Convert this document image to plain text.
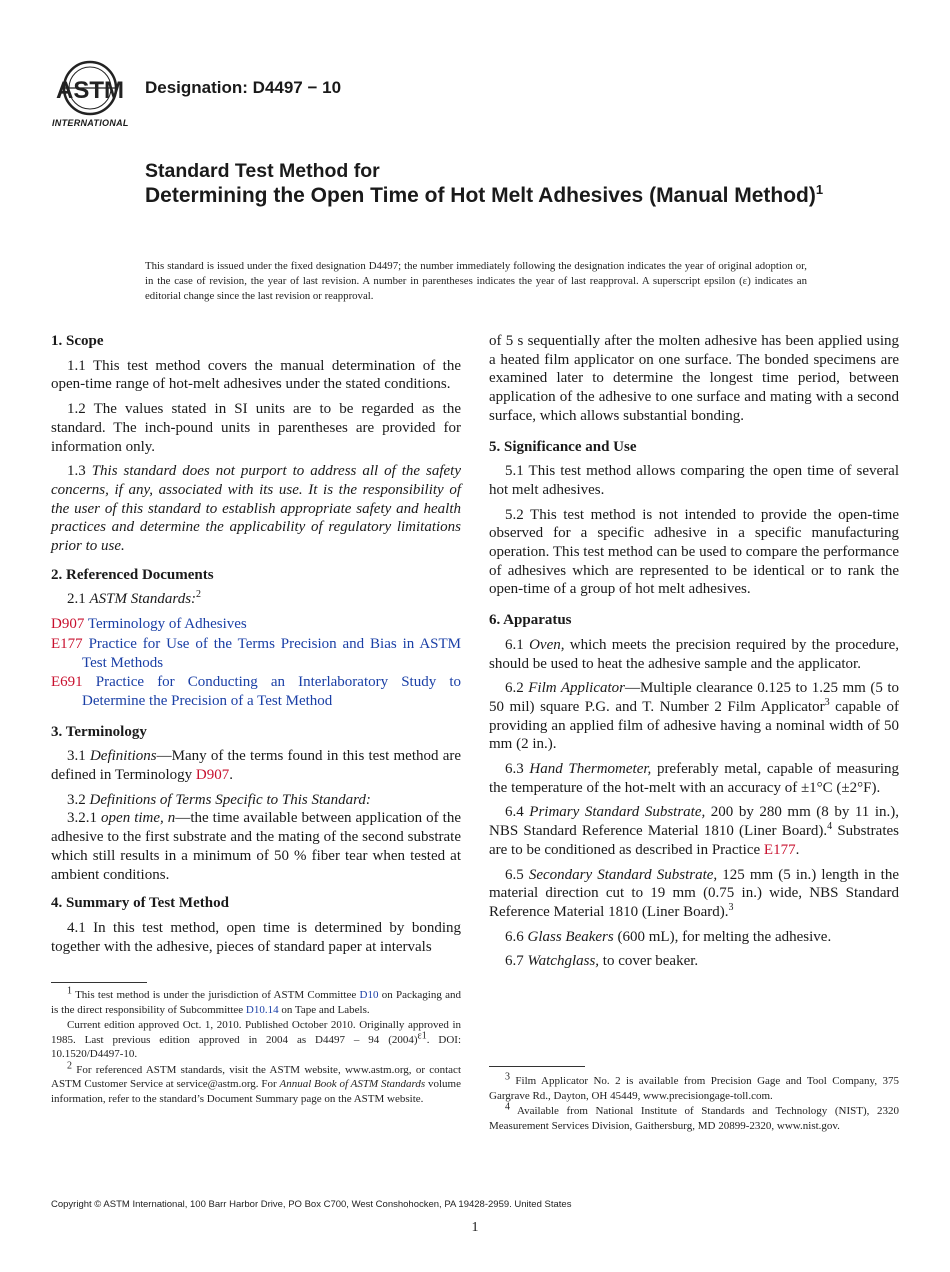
ASTM
INTERNATIONAL
Designation: D4497 − 10
Standard Test Method for
Determining the Open Time of Hot Melt Adhesives (Manual Method)$^1$
This standard is issued under the fixed designation D4497; the number immediately following the designation indicates the year of original adoption or, in the case of revision, the year of last revision. A number in parentheses indicates the year of last reapproval. A superscript epsilon (ε) indicates an editorial change since the last revision or reapproval.
1. Scope

1.1 This test method covers the manual determination of the open-time range of hot-melt adhesives under the stated conditions.

1.2 The values stated in SI units are to be regarded as the standard. The inch-pound units in parentheses are provided for information only.

1.3 This standard does not purport to address all of the safety concerns, if any, associated with its use. It is the responsibility of the user of this standard to establish appropriate safety and health practices and determine the applicability of regulatory limitations prior to use.

2. Referenced Documents

2.1 ASTM Standards:$^2$

D907 Terminology of Adhesives
E177 Practice for Use of the Terms Precision and Bias in ASTM Test Methods
E691 Practice for Conducting an Interlaboratory Study to Determine the Precision of a Test Method
3. Terminology

3.1 Definitions—Many of the terms found in this test method are defined in Terminology D907.

3.2 Definitions of Terms Specific to This Standard:

3.2.1 open time, n—the time available between application of the adhesive to the first substrate and the mating of the second substrate which still results in a minimum of 50 % fiber tear when tested at ambient conditions.

4. Summary of Test Method

4.1 In this test method, open time is determined by bonding together with the adhesive, pieces of standard paper at intervals

$^1$ This test method is under the jurisdiction of ASTM Committee D10 on Packaging and is the direct responsibility of Subcommittee D10.14 on Tape and Labels.

Current edition approved Oct. 1, 2010. Published October 2010. Originally approved in 1985. Last previous edition approved in 2004 as D4497 – 94 $(2004)^{\varepsilon 1}$. DOI: 10.1520/D4497-10.

$^2$ For referenced ASTM standards, visit the ASTM website, www.astm.org, or contact ASTM Customer Service at service@astm.org. For Annual Book of ASTM Standards volume information, refer to the standard’s Document Summary page on the ASTM website.

of 5 s sequentially after the molten adhesive has been applied using a heated film applicator on one surface. The bonded specimens are examined later to determine the longest time period, between application of the adhesive to one surface and mating with a second surface, which allows substantial bonding.

5. Significance and Use

5.1 This test method allows comparing the open time of several hot melt adhesives.

5.2 This test method is not intended to provide the open-time observed for a specific adhesive in a specific manufacturing operation. This test method can be used to compare the performance of adhesives which are represented to be identical or to rank the open-time of a group of hot melt adhesives.

6. Apparatus

6.1 Oven, which meets the precision required by the procedure, should be used to heat the adhesive sample and the applicator.

6.2 Film Applicator—Multiple clearance 0.125 to 1.25 mm (5 to 50 mil) square P.G. and T. Number 2 Film Applicator$^3$ capable of providing an applied film of adhesive having a nominal width of 50 mm (2 in.).

6.3 Hand Thermometer, preferably metal, capable of measuring the temperature of the hot-melt with an accuracy of ±1°C (±2°F).

6.4 Primary Standard Substrate, 200 by 280 mm (8 by 11 in.), NBS Standard Reference Material 1810 (Liner Board).$^4$ Substrates are to be conditioned as described in Practice E177.

6.5 Secondary Standard Substrate, 125 mm (5 in.) length in the material direction cut to 19 mm (0.75 in.) wide, NBS Standard Reference Material 1810 (Liner Board).$^3$

6.6 Glass Beakers (600 mL), for melting the adhesive.

6.7 Watchglass, to cover beaker.

$^3$ Film Applicator No. 2 is available from Precision Gage and Tool Company, 375 Gargrave Rd., Dayton, OH 45449, www.precisiongage-toll.com.

$^4$ Available from National Institute of Standards and Technology (NIST), 2320 Measurement Services Division, Gaithersburg, MD 20899-2320, www.nist.gov.

Copyright © ASTM International, 100 Barr Harbor Drive, PO Box C700, West Conshohocken, PA 19428-2959. United States
1
